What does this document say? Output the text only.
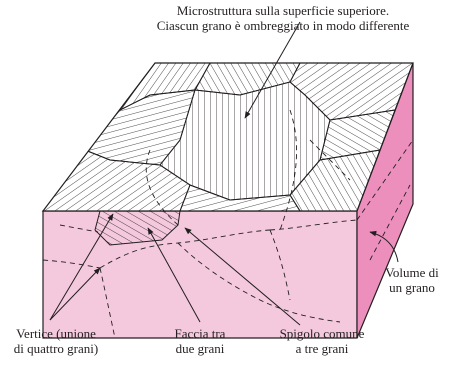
Microstruttura sulla superficie superiore.
Ciascun grano è ombreggiato in modo differente
Volume di
un grano
Vertice (unione
di quattro grani)
Faccia tra
due grani
Spigolo comune
a tre grani
